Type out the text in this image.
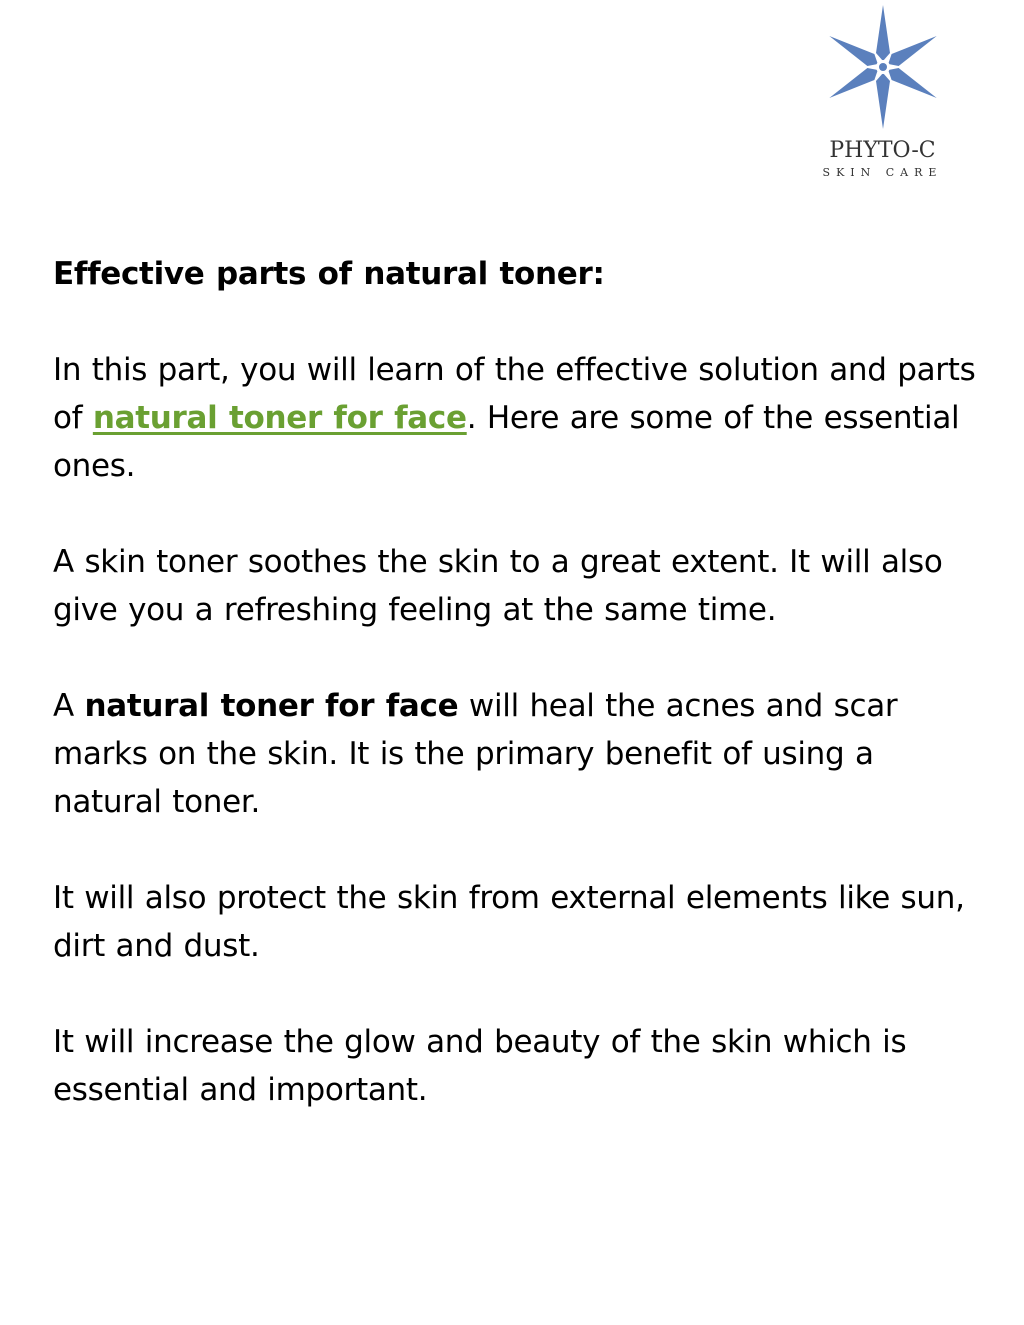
PHYTO-C
SKIN CARE

Effective parts of natural toner:

In this part, you will learn of the effective solution and parts of natural toner for face. Here are some of the essential ones.

A skin toner soothes the skin to a great extent. It will also give you a refreshing feeling at the same time.

A natural toner for face will heal the acnes and scar marks on the skin. It is the primary benefit of using a natural toner.

It will also protect the skin from external elements like sun, dirt and dust.

It will increase the glow and beauty of the skin which is essential and important.
